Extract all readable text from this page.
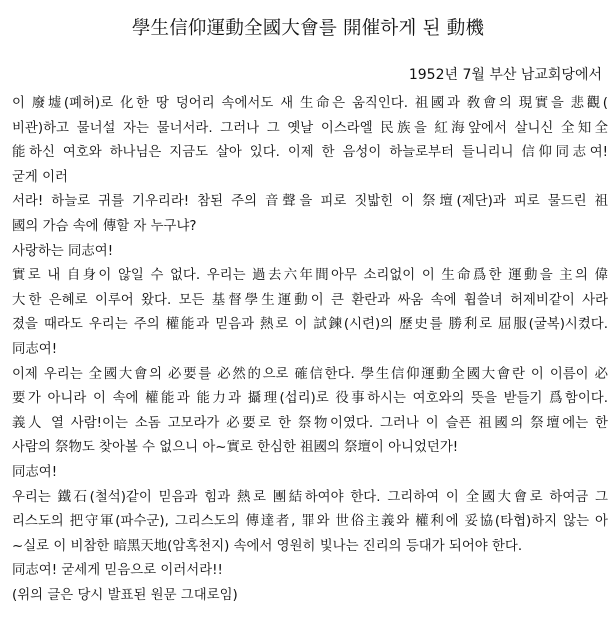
學生信仰運動全國大會를 開催하게 된 動機
1952년 7월 부산 남교회당에서
이 廢墟(폐허)로 化한 땅 덩어리 속에서도 새 生命은 움직인다. 祖國과 敎會의 現實을 悲觀(
비관)하고 물너설 자는 물너서라. 그러나 그 옛날 이스라엘 民族을 紅海앞에서 살니신 全知全
能하신 여호와 하나님은 지금도 살아 있다. 이제 한 음성이 하늘로부터 들니리니 信仰同志여!
굳게 이러
서라! 하늘로 귀를 기우리라! 참된 주의 音聲을 피로 짓밟힌 이 祭壇(제단)과 피로 물드린 祖
國의 가슴 속에 傳할 자 누구냐?
사랑하는 同志여!
實로 내 自身이 않일 수 없다. 우리는 過去六年間아무 소리없이 이 生命爲한 運動을 主의 偉
大한 은혜로 이루어 왔다. 모든 基督學生運動이 큰 환란과 싸움 속에 휩쓸녀 허제비같이 사라
졌을 때라도 우리는 주의 權能과 믿음과 熱로 이 試鍊(시련)의 歷史를 勝利로 屈服(굴복)시켰다.
同志여!
이제 우리는 全國大會의 必要를 必然的으로 確信한다. 學生信仰運動全國大會란 이 이름이 必
要가 아니라 이 속에 權能과 能力과 攝理(섭리)로 役事하시는 여호와의 뜻을 받들기 爲함이다.
義人 열 사람!이는 소돔 고모라가 必要로 한 祭物이였다. 그러나 이 슬픈 祖國의 祭壇에는 한
사람의 祭物도 찾아볼 수 없으니 아~實로 한심한 祖國의 祭壇이 아니었던가!
同志여!
우리는 鐵石(철석)같이 믿음과 힘과 熱로 團結하여야 한다. 그리하여 이 全國大會로 하여금 그
리스도의 把守軍(파수군), 그리스도의 傳達者, 罪와 世俗主義와 權利에 妥協(타협)하지 않는 아
~실로 이 비참한 暗黑天地(암혹천지) 속에서 영원히 빛나는 진리의 등대가 되어야 한다.
同志여! 굳세게 믿음으로 이러서라!!
(위의 글은 당시 발표된 원문 그대로임)
